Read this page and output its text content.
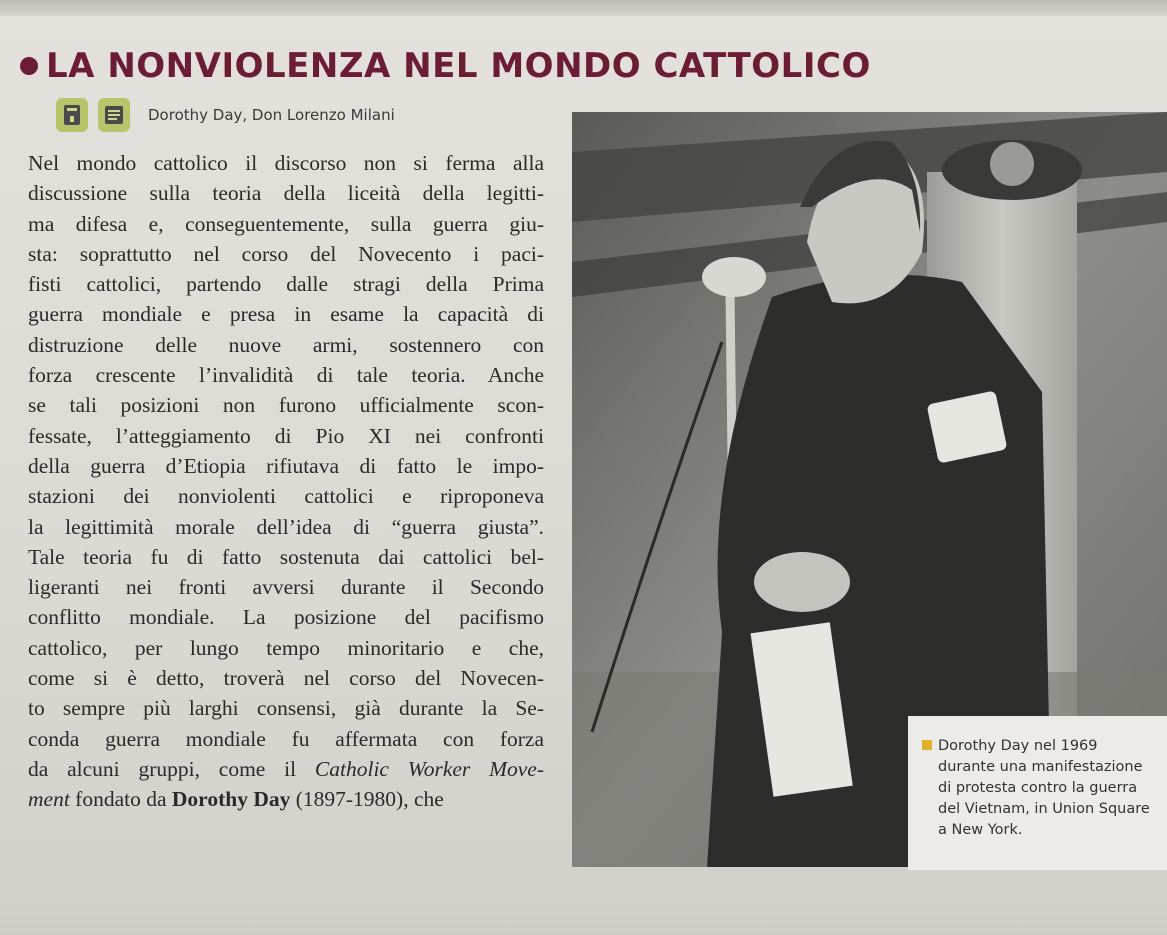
LA NONVIOLENZA NEL MONDO CATTOLICO
Dorothy Day, Don Lorenzo Milani
Nel mondo cattolico il discorso non si ferma alla
discussione sulla teoria della liceità della legitti-
ma difesa e, conseguentemente, sulla guerra giu-
sta: soprattutto nel corso del Novecento i paci-
fisti cattolici, partendo dalle stragi della Prima
guerra mondiale e presa in esame la capacità di
distruzione delle nuove armi, sostennero con
forza crescente l’invalidità di tale teoria. Anche
se tali posizioni non furono ufficialmente scon-
fessate, l’atteggiamento di Pio XI nei confronti
della guerra d’Etiopia rifiutava di fatto le impo-
stazioni dei nonviolenti cattolici e riproponeva
la legittimità morale dell’idea di “guerra giusta”.
Tale teoria fu di fatto sostenuta dai cattolici bel-
ligeranti nei fronti avversi durante il Secondo
conflitto mondiale. La posizione del pacifismo
cattolico, per lungo tempo minoritario e che,
come si è detto, troverà nel corso del Novecen-
to sempre più larghi consensi, già durante la Se-
conda guerra mondiale fu affermata con forza
da alcuni gruppi, come il Catholic Worker Move-
ment fondato da Dorothy Day (1897-1980), che
Dorothy Day nel 1969
durante una manifestazione
di protesta contro la guerra
del Vietnam, in Union Square
a New York.
